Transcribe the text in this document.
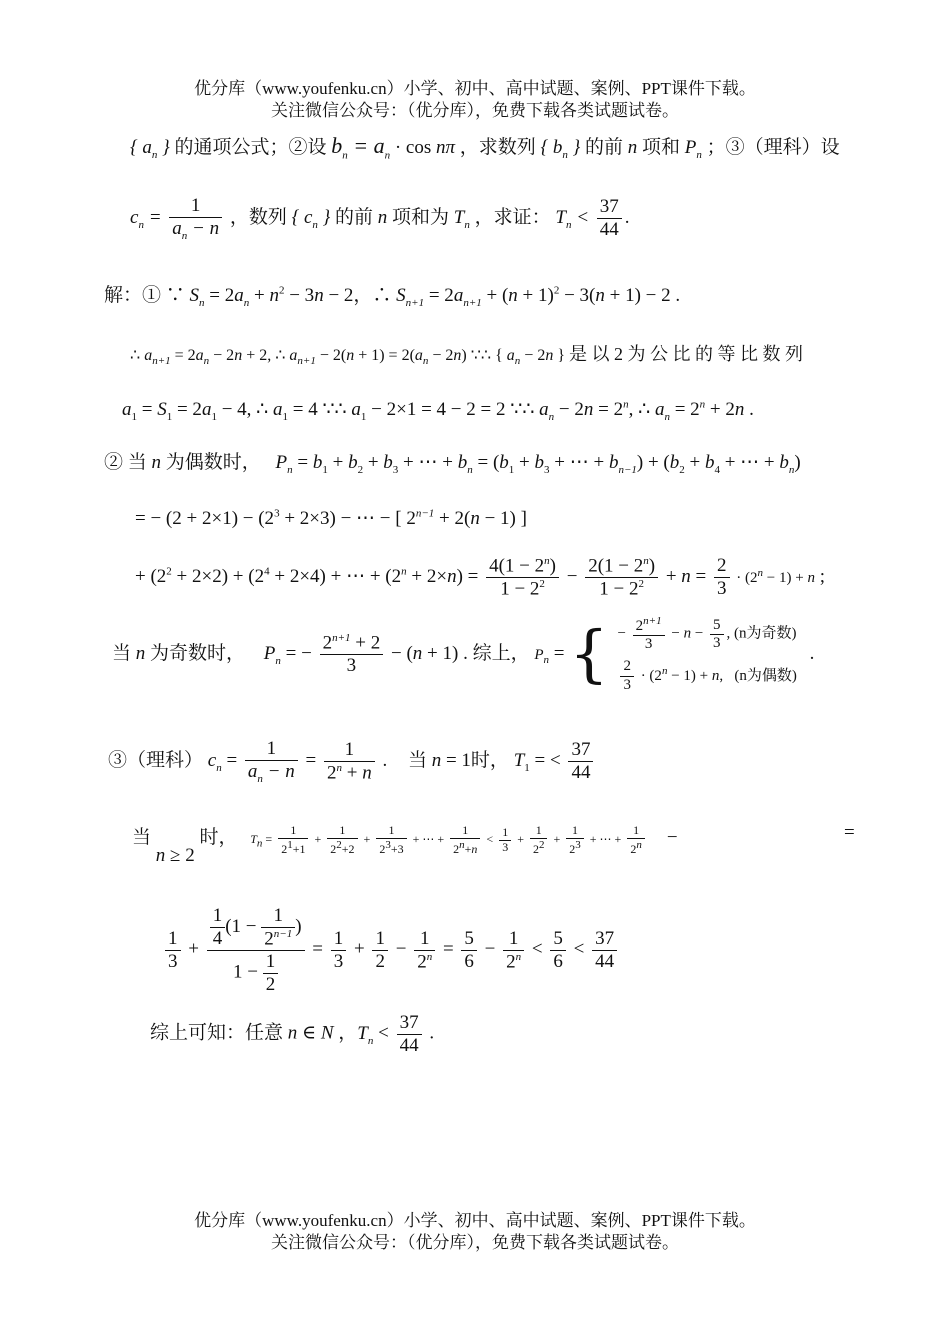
优分库（www.youfenku.cn）小学、初中、高中试题、案例、PPT课件下载。
关注微信公众号：（优分库），免费下载各类试题试卷。
{ $a_n$ } 的通项公式；②设 $b_n = a_n \cdot \cos n\pi$ ，求数列 { $b_n$ } 的前 n 项和 $P_n$ ；③（理科）设
$c_n = \frac{1}{a_n - n}$ ，数列 { $c_n$ } 的前 n 项和为 $T_n$ ，求证： $T_n < \frac{37}{44}$ .
解：① ∵ $S_n = 2a_n + n^2 - 3n - 2$，∴ $S_{n+1} = 2a_{n+1} + (n + 1)^2 - 3(n + 1) - 2$ .
∴ $a_{n+1} = 2a_n - 2n + 2$, ∴ $a_{n+1} - 2(n + 1) = 2(a_n - 2n)$ ∵∴ { $a_n - 2n$ } 是 以 2 为 公 比 的 等 比 数 列
$a_1 = S_1 = 2a_1 - 4$, ∴ $a_1 = 4$ ∵∴ $a_1 - 2\times 1 = 4 - 2 = 2$ ∵∴ $a_n - 2n = 2^n$, ∴ $a_n = 2^n + 2n$ .
② 当 n 为偶数时， $P_n = b_1 + b_2 + b_3$ + ⋯ + $b_n = (b_1 + b_3$ + ⋯ + $b_{n-1}) + (b_2 + b_4$ + ⋯ + $b_n$)
= − $(2 + 2\times 1) - (2^3 + 2\times 3)$ − ⋯ − [ $2^{n-1} + 2(n - 1)$ ]
+ $(2^2 + 2\times 2) + (2^4 + 2\times 4)$ + ⋯ + $(2^n + 2\times n) = \frac{4(1 - 2^n)}{1 - 2^2} - \frac{2(1 - 2^n)}{1 - 2^2} + n = \frac{2}{3} \cdot (2^n - 1) + n$ ;
当 n 为奇数时， $P_n$ = − $\frac{2^{n+1} + 2}{3} - (n + 1)$ . 综上， $P_n$ = { − $\frac{2^{n+1}}{3} - n - \frac{5}{3}$ , (n为奇数)
$\frac{2}{3} \cdot (2^n - 1) + n$,   (n为偶数)
.
③（理科） $c_n = \frac{1}{a_n - n} = \frac{1}{2^n + n}$ . 当 n = 1时， $T_1$ = < $\frac{37}{44}$
当 n ≥ 2 时， $T_n = \frac{1}{2^1+1} + \frac{1}{2^2+2} + \frac{1}{2^3+3}$ + ⋯ + $\frac{1}{2^n+n} < \frac{1}{3} + \frac{1}{2^2} + \frac{1}{2^3}$ + ⋯ + $\frac{1}{2^n}$ −	=
$\frac{1}{3} + \frac{\frac{1}{4} (1 - \frac{1}{2^{n-1}} )}{1 - \frac{1}{2}} = \frac{1}{3} + \frac{1}{2} - \frac{1}{2^n} = \frac{5}{6} - \frac{1}{2^n} < \frac{5}{6} < \frac{37}{44}$
综上可知：任意 n ∈ N ，$T_n < \frac{37}{44}$ .
优分库（www.youfenku.cn）小学、初中、高中试题、案例、PPT课件下载。
关注微信公众号：（优分库），免费下载各类试题试卷。
